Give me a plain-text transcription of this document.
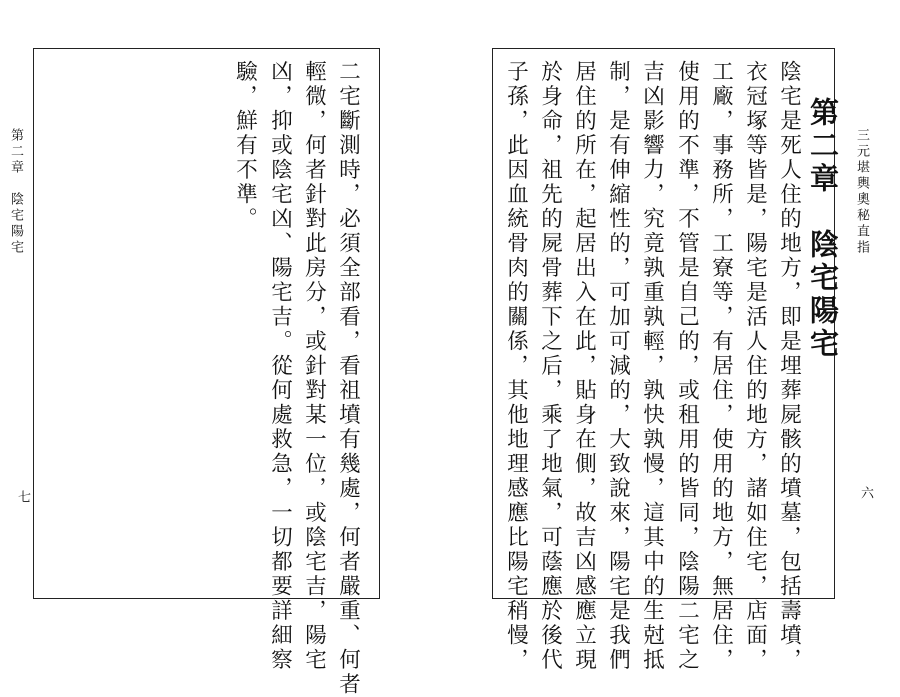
第二章　陰宅陽宅
七	二宅斷測時，必須全部看，看祖墳有幾處，何者嚴重、何者
輕微，何者針對此房分，或針對某一位，或陰宅吉，陽宅
凶，抑或陰宅凶、陽宅吉。從何處救急，一切都要詳細察
驗，鮮有不準。	第二章　陰宅陽宅
陰宅是死人住的地方，即是埋葬屍骸的墳墓，包括壽墳，
衣冠塚等皆是，陽宅是活人住的地方，諸如住宅，店面，
工廠，事務所，工寮等，有居住，使用的地方，無居住，
使用的不準，不管是自己的，或租用的皆同，陰陽二宅之
吉凶影響力，究竟孰重孰輕，孰快孰慢，這其中的生尅抵
制，是有伸縮性的，可加可減的，大致說來，陽宅是我們
居住的所在，起居出入在此，貼身在側，故吉凶感應立現
於身命，祖先的屍骨葬下之后，乘了地氣，可蔭應於後代
子孫，此因血統骨肉的關係，其他地理感應比陽宅稍慢，	三元堪輿奧秘直指
六
